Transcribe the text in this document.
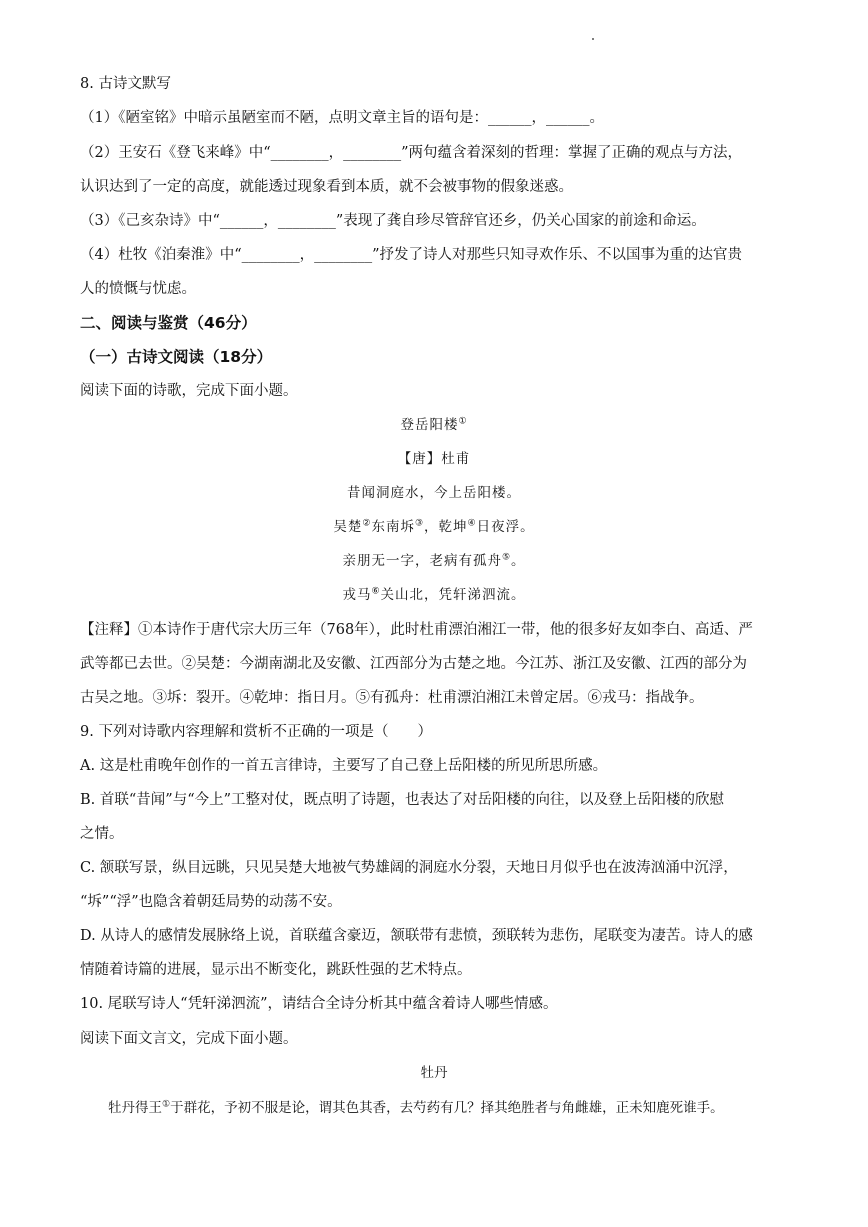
8. 古诗文默写
（1）《陋室铭》中暗示虽陋室而不陋，点明文章主旨的语句是：______，______。
（2）王安石《登飞来峰》中“________，________”两句蕴含着深刻的哲理：掌握了正确的观点与方法，
认识达到了一定的高度，就能透过现象看到本质，就不会被事物的假象迷惑。
（3）《己亥杂诗》中“______，________”表现了龚自珍尽管辞官还乡，仍关心国家的前途和命运。
（4）杜牧《泊秦淮》中“________，________”抒发了诗人对那些只知寻欢作乐、不以国事为重的达官贵
人的愤慨与忧虑。
二、阅读与鉴赏（46分）
（一）古诗文阅读（18分）
阅读下面的诗歌，完成下面小题。
登岳阳楼①
【唐】杜甫
昔闻洞庭水，今上岳阳楼。
吴楚②东南坼③，乾坤④日夜浮。
亲朋无一字，老病有孤舟⑤。
戎马⑥关山北，凭轩涕泗流。
【注释】①本诗作于唐代宗大历三年（768年），此时杜甫漂泊湘江一带，他的很多好友如李白、高适、严
武等都已去世。②吴楚：今湖南湖北及安徽、江西部分为古楚之地。今江苏、浙江及安徽、江西的部分为
古吴之地。③坼：裂开。④乾坤：指日月。⑤有孤舟：杜甫漂泊湘江未曾定居。⑥戎马：指战争。
9. 下列对诗歌内容理解和赏析不正确的一项是（　　）
A. 这是杜甫晚年创作的一首五言律诗，主要写了自己登上岳阳楼的所见所思所感。
B. 首联“昔闻”与“今上”工整对仗，既点明了诗题，也表达了对岳阳楼的向往，以及登上岳阳楼的欣慰
之情。
C. 颔联写景，纵目远眺，只见吴楚大地被气势雄阔的洞庭水分裂，天地日月似乎也在波涛汹涌中沉浮，
“坼”“浮”也隐含着朝廷局势的动荡不安。
D. 从诗人的感情发展脉络上说，首联蕴含豪迈，颔联带有悲愤，颈联转为悲伤，尾联变为凄苦。诗人的感
情随着诗篇的进展，显示出不断变化，跳跃性强的艺术特点。
10. 尾联写诗人“凭轩涕泗流”，请结合全诗分析其中蕴含着诗人哪些情感。
阅读下面文言文，完成下面小题。
牡丹
牡丹得王①于群花，予初不服是论，谓其色其香，去芍药有几？择其绝胜者与角雌雄，正未知鹿死谁手。
